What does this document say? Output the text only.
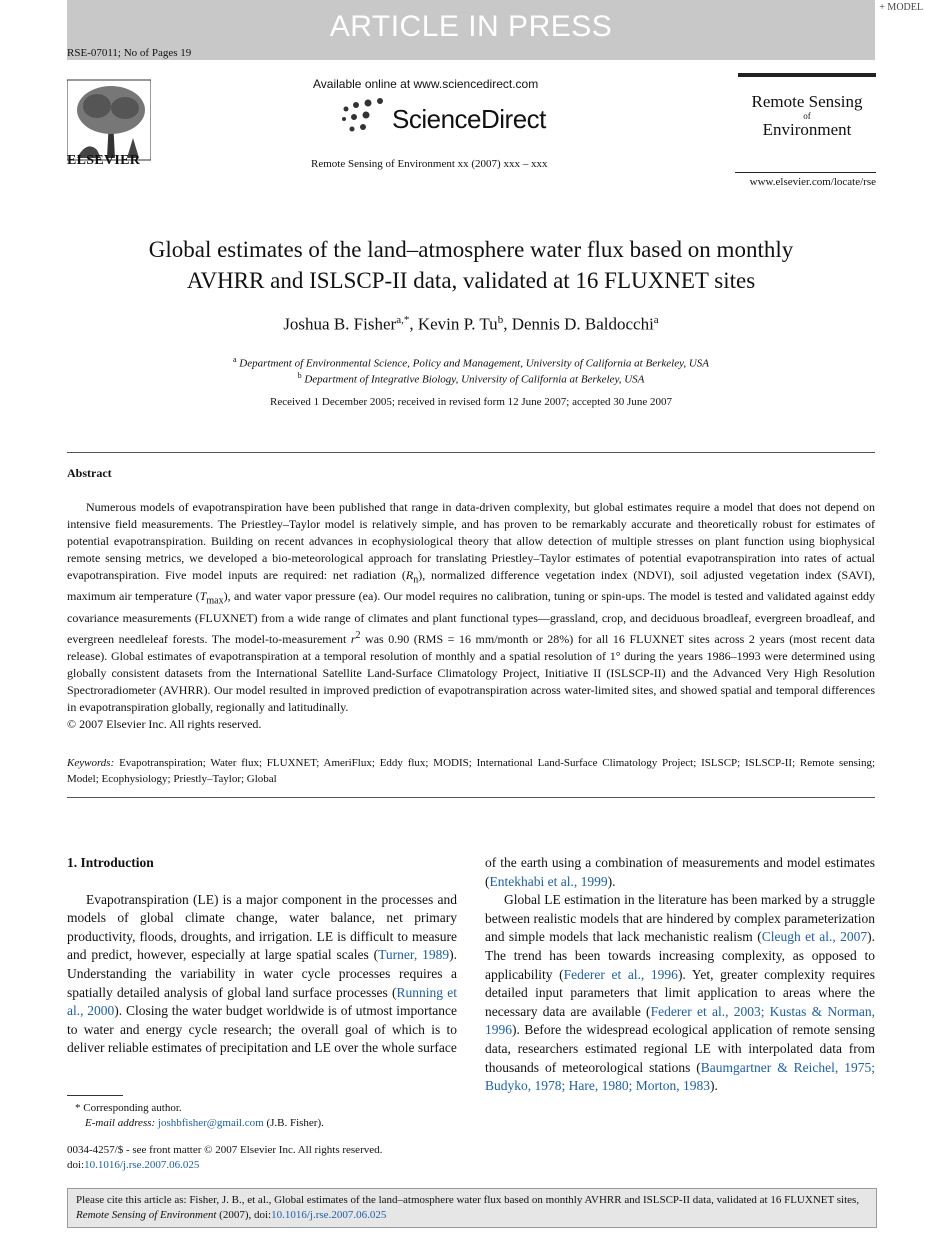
+ MODEL
ARTICLE IN PRESS
RSE-07011; No of Pages 19
ELSEVIER
Available online at www.sciencedirect.com
ScienceDirect
Remote Sensing of Environment xx (2007) xxx – xxx
Remote Sensing
of
Environment
www.elsevier.com/locate/rse
Global estimates of the land–atmosphere water flux based on monthly
AVHRR and ISLSCP-II data, validated at 16 FLUXNET sites
Joshua B. Fisher$^{a,*}$, Kevin P. Tu$^b$, Dennis D. Baldocchi$^a$
$^a$ Department of Environmental Science, Policy and Management, University of California at Berkeley, USA
$^b$ Department of Integrative Biology, University of California at Berkeley, USA
Received 1 December 2005; received in revised form 12 June 2007; accepted 30 June 2007
Abstract

Numerous models of evapotranspiration have been published that range in data-driven complexity, but global estimates require a model that does not depend on intensive field measurements. The Priestley–Taylor model is relatively simple, and has proven to be remarkably accurate and theoretically robust for estimates of potential evapotranspiration. Building on recent advances in ecophysiological theory that allow detection of multiple stresses on plant function using biophysical remote sensing metrics, we developed a bio-meteorological approach for translating Priestley–Taylor estimates of potential evapotranspiration into rates of actual evapotranspiration. Five model inputs are required: net radiation $(R_n)$, normalized difference vegetation index (NDVI), soil adjusted vegetation index (SAVI), maximum air temperature $(T_{max})$, and water vapor pressure (ea). Our model requires no calibration, tuning or spin-ups. The model is tested and validated against eddy covariance measurements (FLUXNET) from a wide range of climates and plant functional types—grassland, crop, and deciduous broadleaf, evergreen broadleaf, and evergreen needleleaf forests. The model-to-measurement $r^2$ was 0.90 (RMS = 16 mm/month or 28%) for all 16 FLUXNET sites across 2 years (most recent data release). Global estimates of evapotranspiration at a temporal resolution of monthly and a spatial resolution of 1° during the years 1986–1993 were determined using globally consistent datasets from the International Satellite Land-Surface Climatology Project, Initiative II (ISLSCP-II) and the Advanced Very High Resolution Spectroradiometer (AVHRR). Our model resulted in improved prediction of evapotranspiration across water-limited sites, and showed spatial and temporal differences in evapotranspiration globally, regionally and latitudinally.

© 2007 Elsevier Inc. All rights reserved.

Keywords: Evapotranspiration; Water flux; FLUXNET; AmeriFlux; Eddy flux; MODIS; International Land-Surface Climatology Project; ISLSCP; ISLSCP-II; Remote sensing; Model; Ecophysiology; Priestly–Taylor; Global

1. Introduction

Evapotranspiration (LE) is a major component in the processes and models of global climate change, water balance, net primary productivity, floods, droughts, and irrigation. LE is difficult to measure and predict, however, especially at large spatial scales (Turner, 1989). Understanding the variability in water cycle processes requires a spatially detailed analysis of global land surface processes (Running et al., 2000). Closing the water budget worldwide is of utmost importance to water and energy cycle research; the overall goal of which is to deliver reliable estimates of precipitation and LE over the whole surface

of the earth using a combination of measurements and model estimates (Entekhabi et al., 1999).

Global LE estimation in the literature has been marked by a struggle between realistic models that are hindered by complex parameterization and simple models that lack mechanistic realism (Cleugh et al., 2007). The trend has been towards increasing complexity, as opposed to applicability (Federer et al., 1996). Yet, greater complexity requires detailed input parameters that limit application to areas where the necessary data are available (Federer et al., 2003; Kustas & Norman, 1996). Before the widespread ecological application of remote sensing data, researchers estimated regional LE with interpolated data from thousands of meteorological stations (Baumgartner & Reichel, 1975; Budyko, 1978; Hare, 1980; Morton, 1983).

* Corresponding author.
E-mail address: joshbfisher@gmail.com (J.B. Fisher).
0034-4257/$ - see front matter © 2007 Elsevier Inc. All rights reserved.
doi:10.1016/j.rse.2007.06.025
Please cite this article as: Fisher, J. B., et al., Global estimates of the land–atmosphere water flux based on monthly AVHRR and ISLSCP-II data, validated at 16 FLUXNET sites, Remote Sensing of Environment (2007), doi:10.1016/j.rse.2007.06.025
